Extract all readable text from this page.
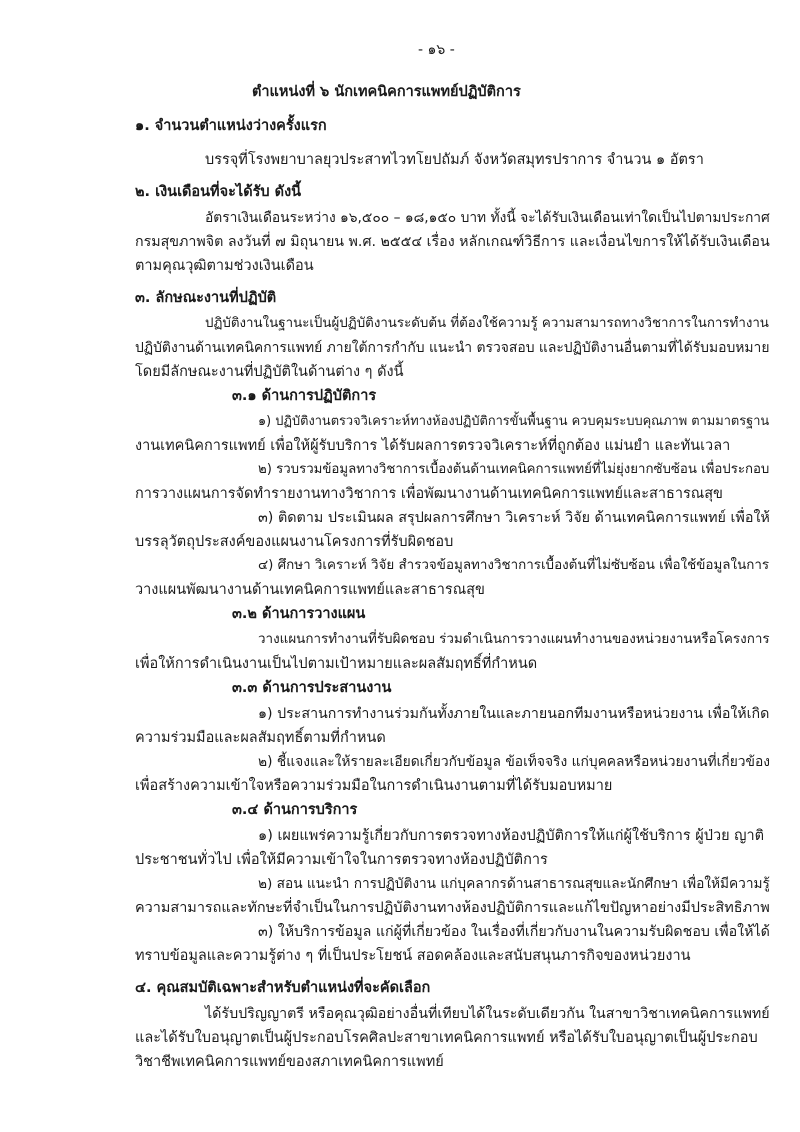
- ๑๖ -
ตำแหน่งที่ ๖ นักเทคนิคการแพทย์ปฏิบัติการ
๑. จำนวนตำแหน่งว่างครั้งแรก
บรรจุที่โรงพยาบาลยุวประสาทไวทโยปถัมภ์ จังหวัดสมุทรปราการ จำนวน ๑ อัตรา
๒. เงินเดือนที่จะได้รับ ดังนี้
อัตราเงินเดือนระหว่าง ๑๖,๕๐๐ – ๑๘,๑๕๐ บาท ทั้งนี้ จะได้รับเงินเดือนเท่าใดเป็นไปตามประกาศ
กรมสุขภาพจิต ลงวันที่ ๗ มิถุนายน พ.ศ. ๒๕๕๔ เรื่อง หลักเกณฑ์วิธีการ และเงื่อนไขการให้ได้รับเงินเดือน
ตามคุณวุฒิตามช่วงเงินเดือน
๓. ลักษณะงานที่ปฏิบัติ
ปฏิบัติงานในฐานะเป็นผู้ปฏิบัติงานระดับต้น ที่ต้องใช้ความรู้ ความสามารถทางวิชาการในการทำงาน
ปฏิบัติงานด้านเทคนิคการแพทย์ ภายใต้การกำกับ แนะนำ ตรวจสอบ และปฏิบัติงานอื่นตามที่ได้รับมอบหมาย
โดยมีลักษณะงานที่ปฏิบัติในด้านต่าง ๆ ดังนี้
๓.๑ ด้านการปฏิบัติการ
๑) ปฏิบัติงานตรวจวิเคราะห์ทางห้องปฏิบัติการขั้นพื้นฐาน ควบคุมระบบคุณภาพ ตามมาตรฐาน
งานเทคนิคการแพทย์ เพื่อให้ผู้รับบริการ ได้รับผลการตรวจวิเคราะห์ที่ถูกต้อง แม่นยำ และทันเวลา
๒) รวบรวมข้อมูลทางวิชาการเบื้องต้นด้านเทคนิคการแพทย์ที่ไม่ยุ่งยากซับซ้อน เพื่อประกอบ
การวางแผนการจัดทำรายงานทางวิชาการ เพื่อพัฒนางานด้านเทคนิคการแพทย์และสาธารณสุข
๓) ติดตาม ประเมินผล สรุปผลการศึกษา วิเคราะห์ วิจัย ด้านเทคนิคการแพทย์ เพื่อให้
บรรลุวัตถุประสงค์ของแผนงานโครงการที่รับผิดชอบ
๔) ศึกษา วิเคราะห์ วิจัย สำรวจข้อมูลทางวิชาการเบื้องต้นที่ไม่ซับซ้อน เพื่อใช้ข้อมูลในการ
วางแผนพัฒนางานด้านเทคนิคการแพทย์และสาธารณสุข
๓.๒ ด้านการวางแผน
วางแผนการทำงานที่รับผิดชอบ ร่วมดำเนินการวางแผนทำงานของหน่วยงานหรือโครงการ
เพื่อให้การดำเนินงานเป็นไปตามเป้าหมายและผลสัมฤทธิ์ที่กำหนด
๓.๓ ด้านการประสานงาน
๑) ประสานการทำงานร่วมกันทั้งภายในและภายนอกทีมงานหรือหน่วยงาน เพื่อให้เกิด
ความร่วมมือและผลสัมฤทธิ์ตามที่กำหนด
๒) ชี้แจงและให้รายละเอียดเกี่ยวกับข้อมูล ข้อเท็จจริง แก่บุคคลหรือหน่วยงานที่เกี่ยวข้อง
เพื่อสร้างความเข้าใจหรือความร่วมมือในการดำเนินงานตามที่ได้รับมอบหมาย
๓.๔ ด้านการบริการ
๑) เผยแพร่ความรู้เกี่ยวกับการตรวจทางห้องปฏิบัติการให้แก่ผู้ใช้บริการ ผู้ป่วย ญาติ
ประชาชนทั่วไป เพื่อให้มีความเข้าใจในการตรวจทางห้องปฏิบัติการ
๒) สอน แนะนำ การปฏิบัติงาน แก่บุคลากรด้านสาธารณสุขและนักศึกษา เพื่อให้มีความรู้
ความสามารถและทักษะที่จำเป็นในการปฏิบัติงานทางห้องปฏิบัติการและแก้ไขปัญหาอย่างมีประสิทธิภาพ
๓) ให้บริการข้อมูล แก่ผู้ที่เกี่ยวข้อง ในเรื่องที่เกี่ยวกับงานในความรับผิดชอบ เพื่อให้ได้
ทราบข้อมูลและความรู้ต่าง ๆ ที่เป็นประโยชน์ สอดคล้องและสนับสนุนภารกิจของหน่วยงาน
๔. คุณสมบัติเฉพาะสำหรับตำแหน่งที่จะคัดเลือก
ได้รับปริญญาตรี หรือคุณวุฒิอย่างอื่นที่เทียบได้ในระดับเดียวกัน ในสาขาวิชาเทคนิคการแพทย์
และได้รับใบอนุญาตเป็นผู้ประกอบโรคศิลปะสาขาเทคนิคการแพทย์ หรือได้รับใบอนุญาตเป็นผู้ประกอบ
วิชาชีพเทคนิคการแพทย์ของสภาเทคนิคการแพทย์
